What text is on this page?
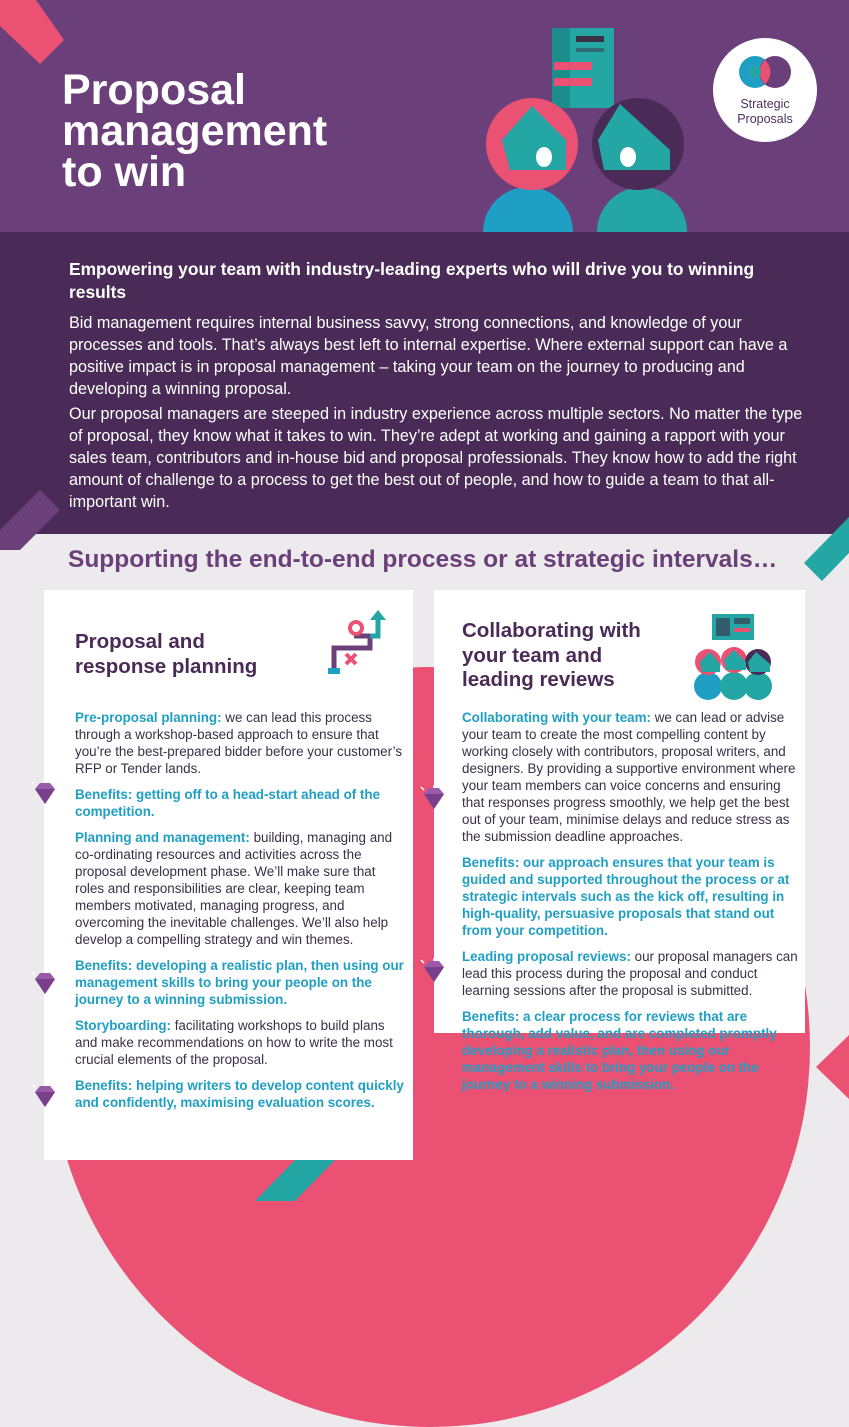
Proposal
management
to win
Strategic
Proposals
Empowering your team with industry-leading experts who will drive you to winning results

Bid management requires internal business savvy, strong connections, and knowledge of your processes and tools. That’s always best left to internal expertise. Where external support can have a positive impact is in proposal management – taking your team on the journey to producing and developing a winning proposal.

Our proposal managers are steeped in industry experience across multiple sectors. No matter the type of proposal, they know what it takes to win. They’re adept at working and gaining a rapport with your sales team, contributors and in-house bid and proposal professionals. They know how to add the right amount of challenge to a process to get the best out of people, and how to guide a team to that all-important win.

Supporting the end-to-end process or at strategic intervals…
Proposal and
response planning

Pre-proposal planning: we can lead this process through a workshop-based approach to ensure that you’re the best-prepared bidder before your customer’s RFP or Tender lands.

Benefits: getting off to a head-start ahead of the competition.

Planning and management: building, managing and co-ordinating resources and activities across the proposal development phase. We’ll make sure that roles and responsibilities are clear, keeping team members motivated, managing progress, and overcoming the inevitable challenges. We’ll also help develop a compelling strategy and win themes.

Benefits: developing a realistic plan, then using our management skills to bring your people on the journey to a winning submission.

Storyboarding: facilitating workshops to build plans and make recommendations on how to write the most crucial elements of the proposal.

Benefits: helping writers to develop content quickly and confidently, maximising evaluation scores.

Collaborating with
your team and
leading reviews

Collaborating with your team: we can lead or advise your team to create the most compelling content by working closely with contributors, proposal writers, and designers. By providing a supportive environment where your team members can voice concerns and ensuring that responses progress smoothly, we help get the best out of your team, minimise delays and reduce stress as the submission deadline approaches.

Benefits: our approach ensures that your team is guided and supported throughout the process or at strategic intervals such as the kick off, resulting in high-quality, persuasive proposals that stand out from your competition.

Leading proposal reviews: our proposal managers can lead this process during the proposal and conduct learning sessions after the proposal is submitted.

Benefits: a clear process for reviews that are thorough, add value, and are completed promptly developing a realistic plan, then using our management skills to bring your people on the journey to a winning submission.
